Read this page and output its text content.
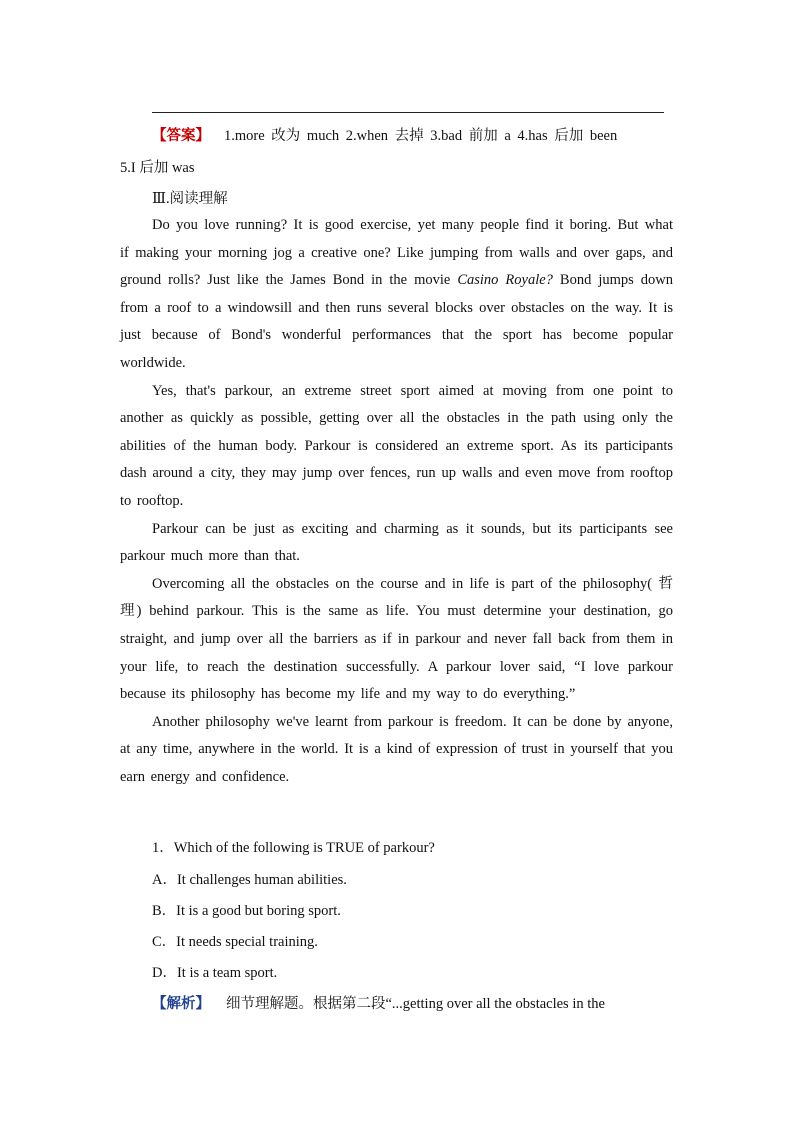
【答案】 1.more 改为 much 2.when 去掉 3.bad 前加 a 4.has 后加 been
5.I 后加 was
Ⅲ.阅读理解

Do you love running? It is good exercise, yet many people find it boring. But what if making your morning jog a creative one? Like jumping from walls and over gaps, and ground rolls? Just like the James Bond in the movie Casino Royale? Bond jumps down from a roof to a windowsill and then runs several blocks over obstacles on the way. It is just because of Bond's wonderful performances that the sport has become popular worldwide.

Yes, that's parkour, an extreme street sport aimed at moving from one point to another as quickly as possible, getting over all the obstacles in the path using only the abilities of the human body. Parkour is considered an extreme sport. As its participants dash around a city, they may jump over fences, run up walls and even move from rooftop to rooftop.

Parkour can be just as exciting and charming as it sounds, but its participants see parkour much more than that.

Overcoming all the obstacles on the course and in life is part of the philosophy( 哲理) behind parkour. This is the same as life. You must determine your destination, go straight, and jump over all the barriers as if in parkour and never fall back from them in your life, to reach the destination successfully. A parkour lover said, “I love parkour because its philosophy has become my life and my way to do everything.”

Another philosophy we've learnt from parkour is freedom. It can be done by anyone, at any time, anywhere in the world. It is a kind of expression of trust in yourself that you earn energy and confidence.

1．Which of the following is TRUE of parkour?
A．It challenges human abilities.
B．It is a good but boring sport.
C．It needs special training.
D．It is a team sport.
【解析】 细节理解题。根据第二段“...getting over all the obstacles in the
